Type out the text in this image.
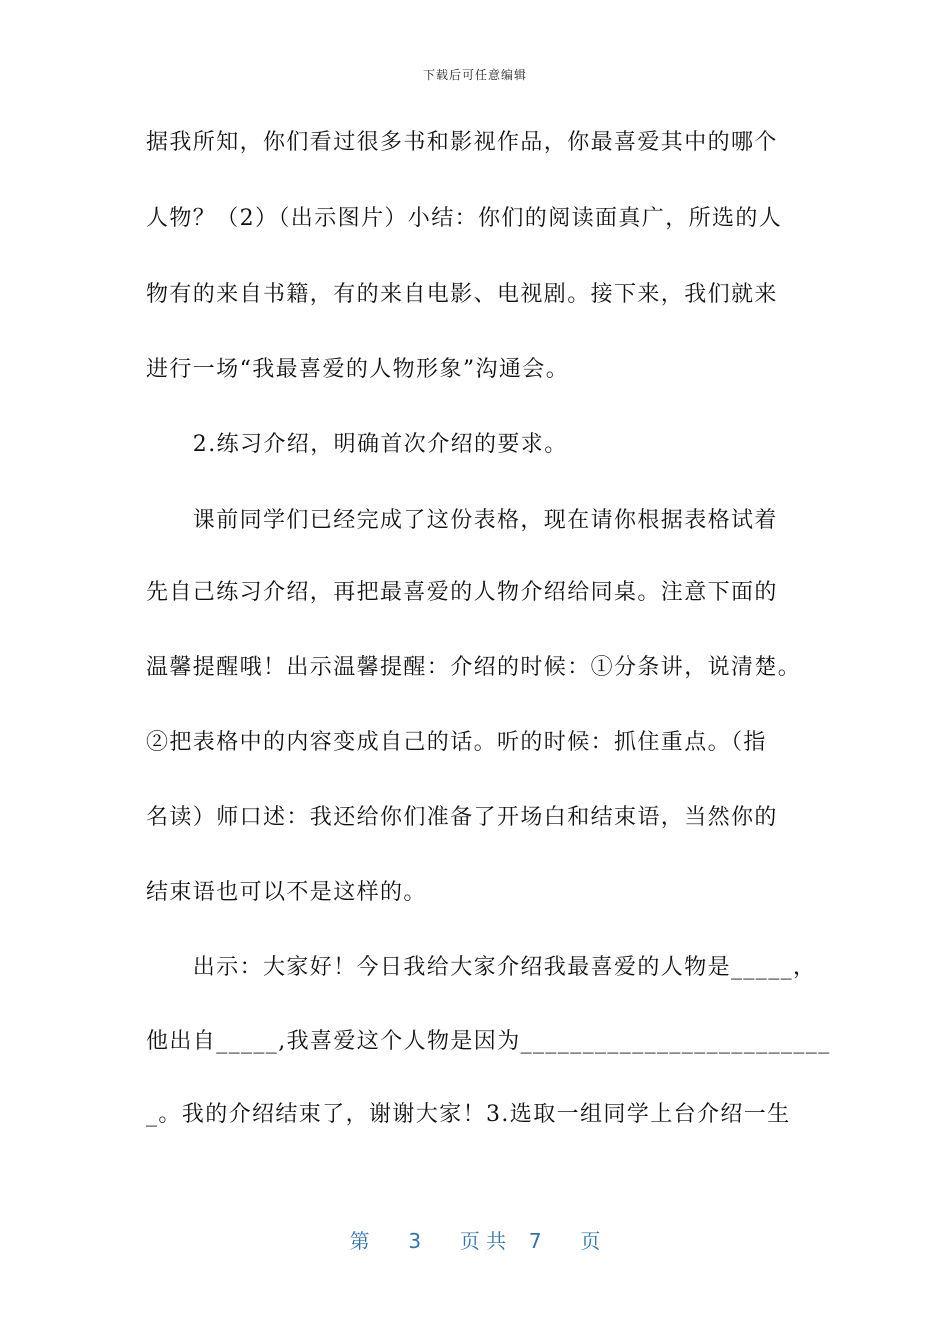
下载后可任意编辑
据我所知，你们看过很多书和影视作品，你最喜爱其中的哪个
人物？（2）（出示图片）小结：你们的阅读面真广，所选的人
物有的来自书籍，有的来自电影、电视剧。接下来，我们就来
进行一场“我最喜爱的人物形象”沟通会。
　　2.练习介绍，明确首次介绍的要求。
　　课前同学们已经完成了这份表格，现在请你根据表格试着
先自己练习介绍，再把最喜爱的人物介绍给同桌。注意下面的
温馨提醒哦！出示温馨提醒：介绍的时候：①分条讲，说清楚。
②把表格中的内容变成自己的话。听的时候：抓住重点。（指
名读）师口述：我还给你们准备了开场白和结束语，当然你的
结束语也可以不是这样的。
　　出示：大家好！今日我给大家介绍我最喜爱的人物是_____，
他出自_____,我喜爱这个人物是因为_________________________
_。我的介绍结束了，谢谢大家！3.选取一组同学上台介绍一生
第 3 页 共 7 页
